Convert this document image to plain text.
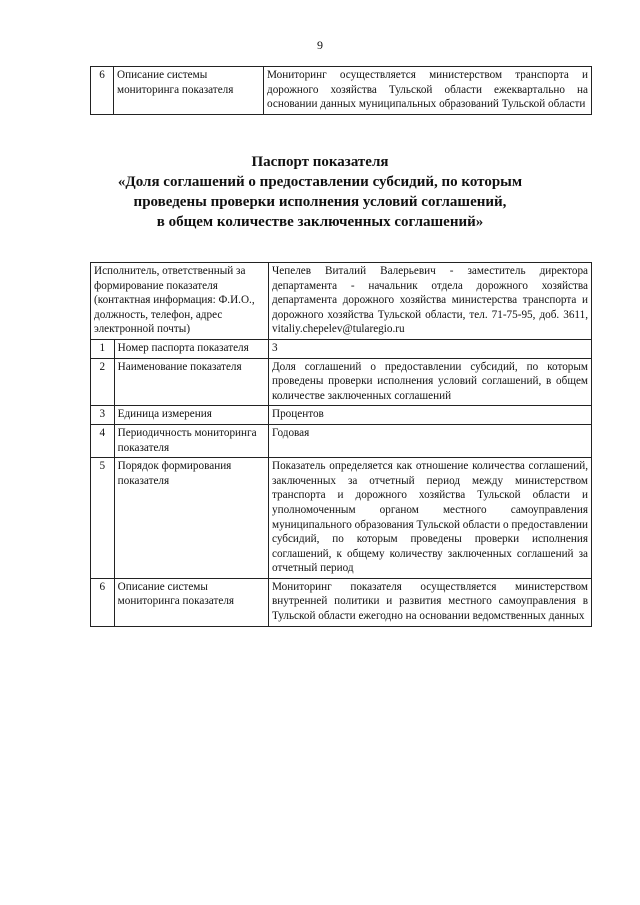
9
6	Описание системы мониторинга показателя	Мониторинг осуществляется министерством транспорта и дорожного хозяйства Тульской области ежеквартально на основании данных муниципальных образований Тульской области
Паспорт показателя
«Доля соглашений о предоставлении субсидий, по которым
проведены проверки исполнения условий соглашений,
в общем количестве заключенных соглашений»
Исполнитель, ответственный за формирование показателя (контактная информация: Ф.И.О., должность, телефон, адрес электронной почты)		Чепелев Виталий Валерьевич - заместитель директора департамента - начальник отдела дорожного хозяйства департамента дорожного хозяйства министерства транспорта и дорожного хозяйства Тульской области, тел. 71-75-95, доб. 3611, vitaliy.chepelev@tularegio.ru
1	Номер паспорта показателя	3
2	Наименование показателя	Доля соглашений о предоставлении субсидий, по которым проведены проверки исполнения условий соглашений, в общем количестве заключенных соглашений
3	Единица измерения	Процентов
4	Периодичность мониторинга показателя	Годовая
5	Порядок формирования показателя	Показатель определяется как отношение количества соглашений, заключенных за отчетный период между министерством транспорта и дорожного хозяйства Тульской области и уполномоченным органом местного самоуправления муниципального образования Тульской области о предоставлении субсидий, по которым проведены проверки исполнения соглашений, к общему количеству заключенных соглашений за отчетный период
6	Описание системы мониторинга показателя	Мониторинг показателя осуществляется министерством внутренней политики и развития местного самоуправления в Тульской области ежегодно на основании ведомственных данных
